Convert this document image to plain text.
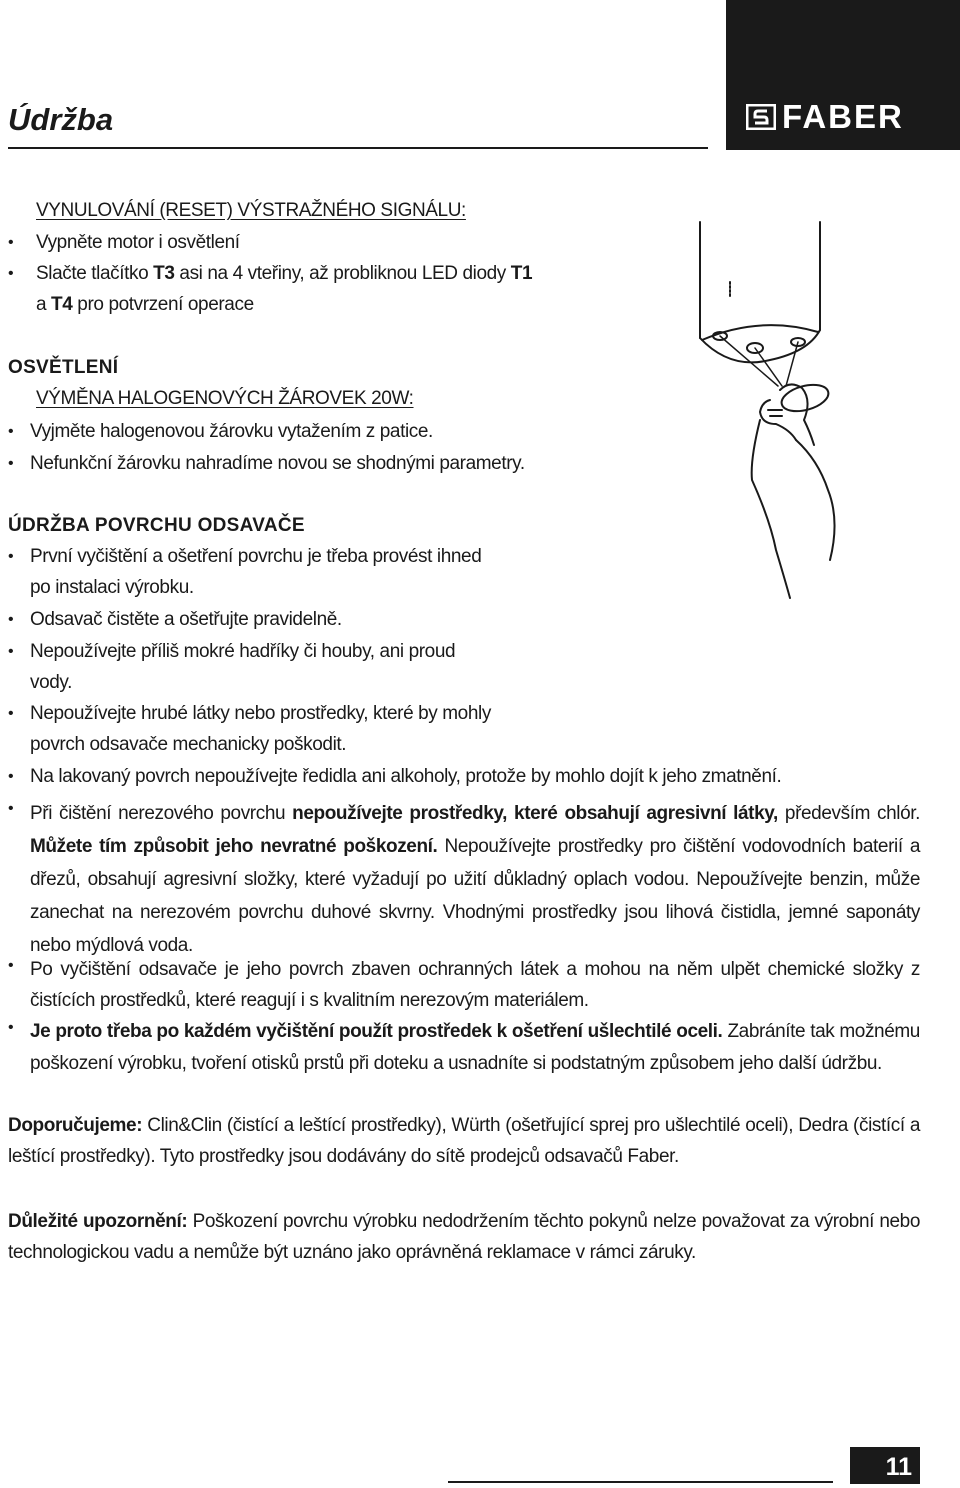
Údržba	FABER

VYNULOVÁNÍ (RESET) VÝSTRAŽNÉHO SIGNÁLU:

• Vypněte motor i osvětlení

• Slačte tlačítko T3 asi na 4 vteřiny, až probliknou LED diody T1

a T4 pro potvrzení operace

OSVĚTLENÍ

VÝMĚNA HALOGENOVÝCH ŽÁROVEK 20W:

• Vyjměte halogenovou žárovku vytažením z patice.

• Nefunkční žárovku nahradíme novou se shodnými parametry.

ÚDRŽBA POVRCHU ODSAVAČE

• První vyčištění a ošetření povrchu je třeba provést ihned

po instalaci výrobku.

• Odsavač čistěte a ošetřujte pravidelně.

• Nepoužívejte příliš mokré hadříky či houby, ani proud

vody.

• Nepoužívejte hrubé látky nebo prostředky, které by mohly

povrch odsavače mechanicky poškodit.

• Na lakovaný povrch nepoužívejte ředidla ani alkoholy, protože by mohlo dojít k jeho zmatnění.

• Při čištění nerezového povrchu nepoužívejte prostředky, které obsahují agresivní látky, především chlór. Můžete tím způsobit jeho nevratné poškození. Nepoužívejte prostředky pro čištění vodovodních baterií a dřezů, obsahují agresivní složky, které vyžadují po užití důkladný oplach vodou. Nepoužívejte benzin, může zanechat na nerezovém povrchu duhové skvrny. Vhodnými prostředky jsou lihová čistidla, jemné saponáty nebo mýdlová voda.

• Po vyčištění odsavače je jeho povrch zbaven ochranných látek a mohou na něm ulpět chemické složky z čistících prostředků, které reagují i s kvalitním nerezovým materiálem.

• Je proto třeba po každém vyčištění použít prostředek k ošetření ušlechtilé oceli. Zabráníte tak možnému poškození výrobku, tvoření otisků prstů při doteku a usnadníte si podstatným způsobem jeho další údržbu.

Doporučujeme: Clin&Clin (čistící a leštící prostředky), Würth (ošetřující sprej pro ušlechtilé oceli), Dedra (čistící a leštící prostředky). Tyto prostředky jsou dodávány do sítě prodejců odsavačů Faber.

Důležité upozornění: Poškození povrchu výrobku nedodržením těchto pokynů nelze považovat za výrobní nebo technologickou vadu a nemůže být uznáno jako oprávněná reklamace v rámci záruky.

11
